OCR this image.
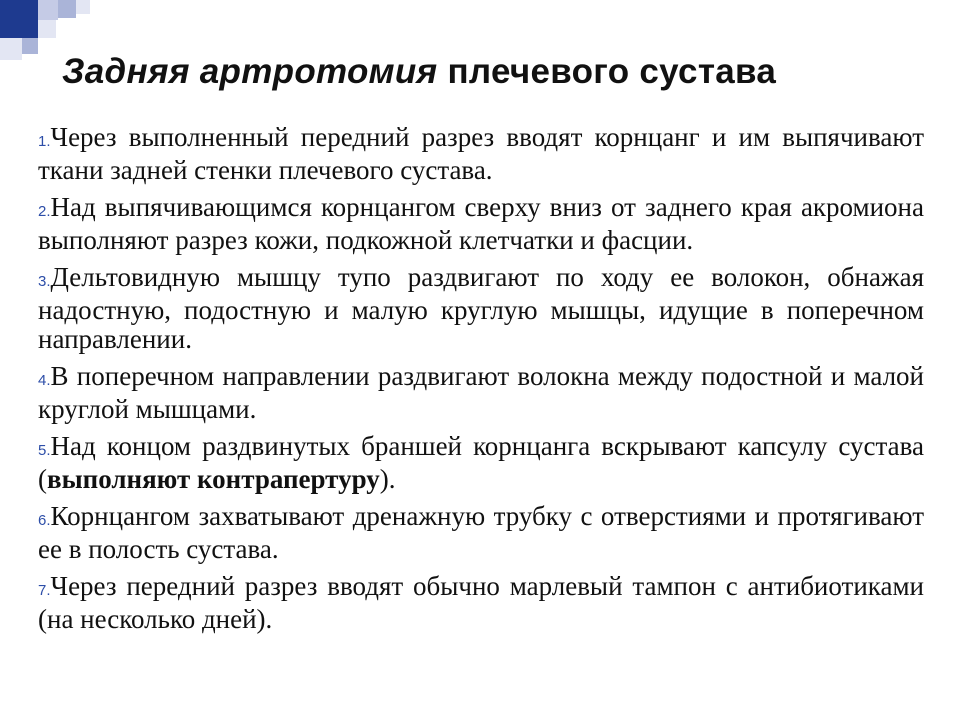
Задняя артротомия плечевого сустава
1.Через выполненный передний разрез вводят корнцанг и им выпячивают ткани задней стенки плечевого сустава.
2.Над выпячивающимся корнцангом сверху вниз от заднего края акромиона выполняют разрез кожи, подкожной клетчатки и фасции.
3.Дельтовидную мышцу тупо раздвигают по ходу ее волокон, обнажая надостную, подостную и малую круглую мышцы, идущие в поперечном направлении.
4.В поперечном направлении раздвигают волокна между подостной и малой круглой мышцами.
5.Над концом раздвинутых браншей корнцанга вскрывают капсулу сустава (выполняют контрапертуру).
6.Корнцангом захватывают дренажную трубку с отверстиями и протягивают ее в полость сустава.
7.Через передний разрез вводят обычно марлевый тампон с антибиотиками (на несколько дней).
